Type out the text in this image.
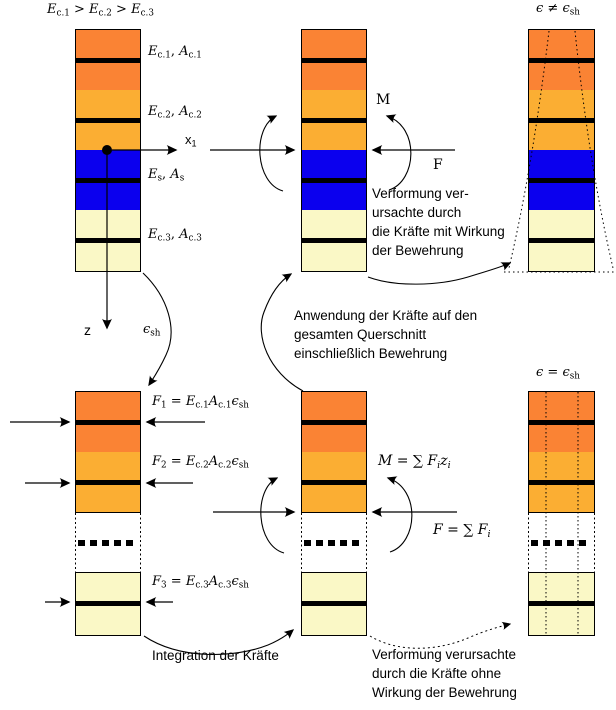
$E_{c.1} > E_{c.2} > E_{c.3}$
$E_{c.1}$, $A_{c.1}$
$E_{c.2}$, $A_{c.2}$
$E_s$, $A_s$
$E_{c.3}$, $A_{c.3}$
$x_1$
z	$\epsilon_{sh}$
M
F
$\epsilon \ne \epsilon_{sh}$
Verformung ver-
ursachte durch
die Kräfte mit Wirkung
der Bewehrung
Anwendung der Kräfte auf den
gesamten Querschnitt
einschließlich Bewehrung
$F_1 = E_{c.1}A_{c.1}\epsilon_{sh}$
$F_2 = E_{c.2}A_{c.2}\epsilon_{sh}$
$F_3 = E_{c.3}A_{c.3}\epsilon_{sh}$
M = ∑ $F_iz_i$
F = ∑ $F_i$
$\epsilon = \epsilon_{sh}$
Integration der Kräfte	Verformung verursachte
durch die Kräfte ohne
Wirkung der Bewehrung
